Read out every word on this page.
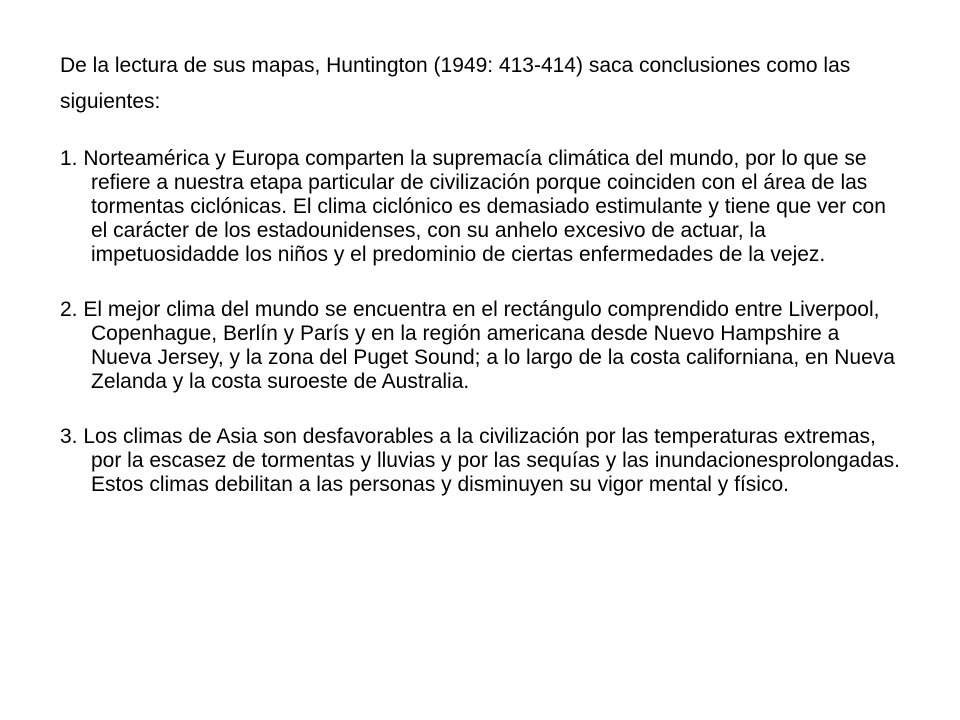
De la lectura de sus mapas, Huntington (1949: 413-414) saca conclusiones como las

siguientes:

1. Norteamérica y Europa comparten la supremacía climática del mundo, por lo que se refiere a nuestra etapa particular de civilización porque coinciden con el área de las tormentas ciclónicas. El clima ciclónico es demasiado estimulante y tiene que ver con el carácter de los estadounidenses, con su anhelo excesivo de actuar, la impetuosidadde los niños y el predominio de ciertas enfermedades de la vejez.

2. El mejor clima del mundo se encuentra en el rectángulo comprendido entre Liverpool, Copenhague, Berlín y París y en la región americana desde Nuevo Hampshire a Nueva Jersey, y la zona del Puget Sound; a lo largo de la costa californiana, en Nueva Zelanda y la costa suroeste de Australia.

3. Los climas de Asia son desfavorables a la civilización por las temperaturas extremas, por la escasez de tormentas y lluvias y por las sequías y las inundacionesprolongadas. Estos climas debilitan a las personas y disminuyen su vigor mental y físico.
